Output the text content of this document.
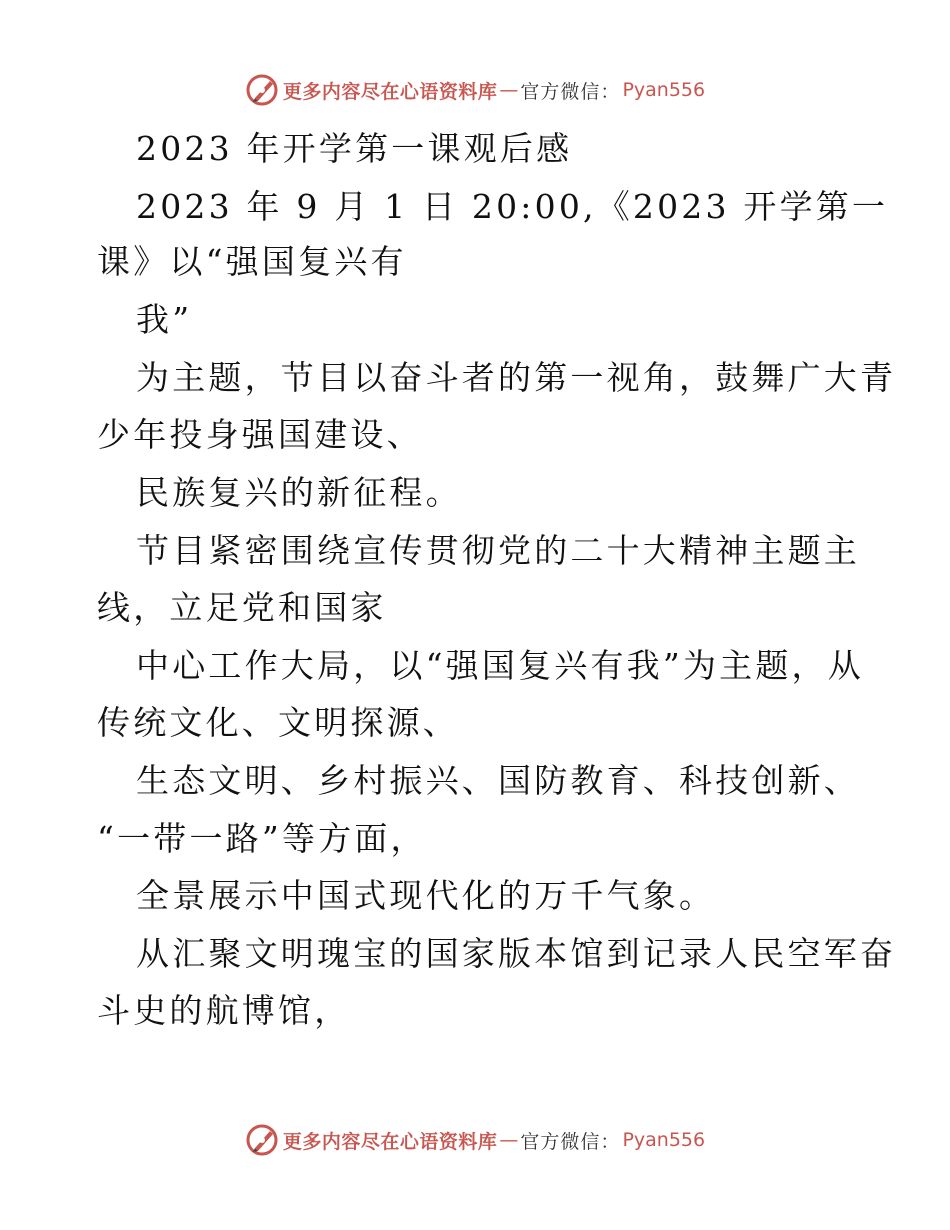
更多内容尽在心语资料库 — 官方微信： Pyan556
2023 年开学第一课观后感
2023 年 9 月 1 日 20:00,《2023 开学第一
课》以“强国复兴有
我”
为主题，节目以奋斗者的第一视角，鼓舞广大青
少年投身强国建设、
民族复兴的新征程。
节目紧密围绕宣传贯彻党的二十大精神主题主
线，立足党和国家
中心工作大局，以“强国复兴有我”为主题，从
传统文化、文明探源、
生态文明、乡村振兴、国防教育、科技创新、
“一带一路”等方面，
全景展示中国式现代化的万千气象。
从汇聚文明瑰宝的国家版本馆到记录人民空军奋
斗史的航博馆，
更多内容尽在心语资料库 — 官方微信： Pyan556
